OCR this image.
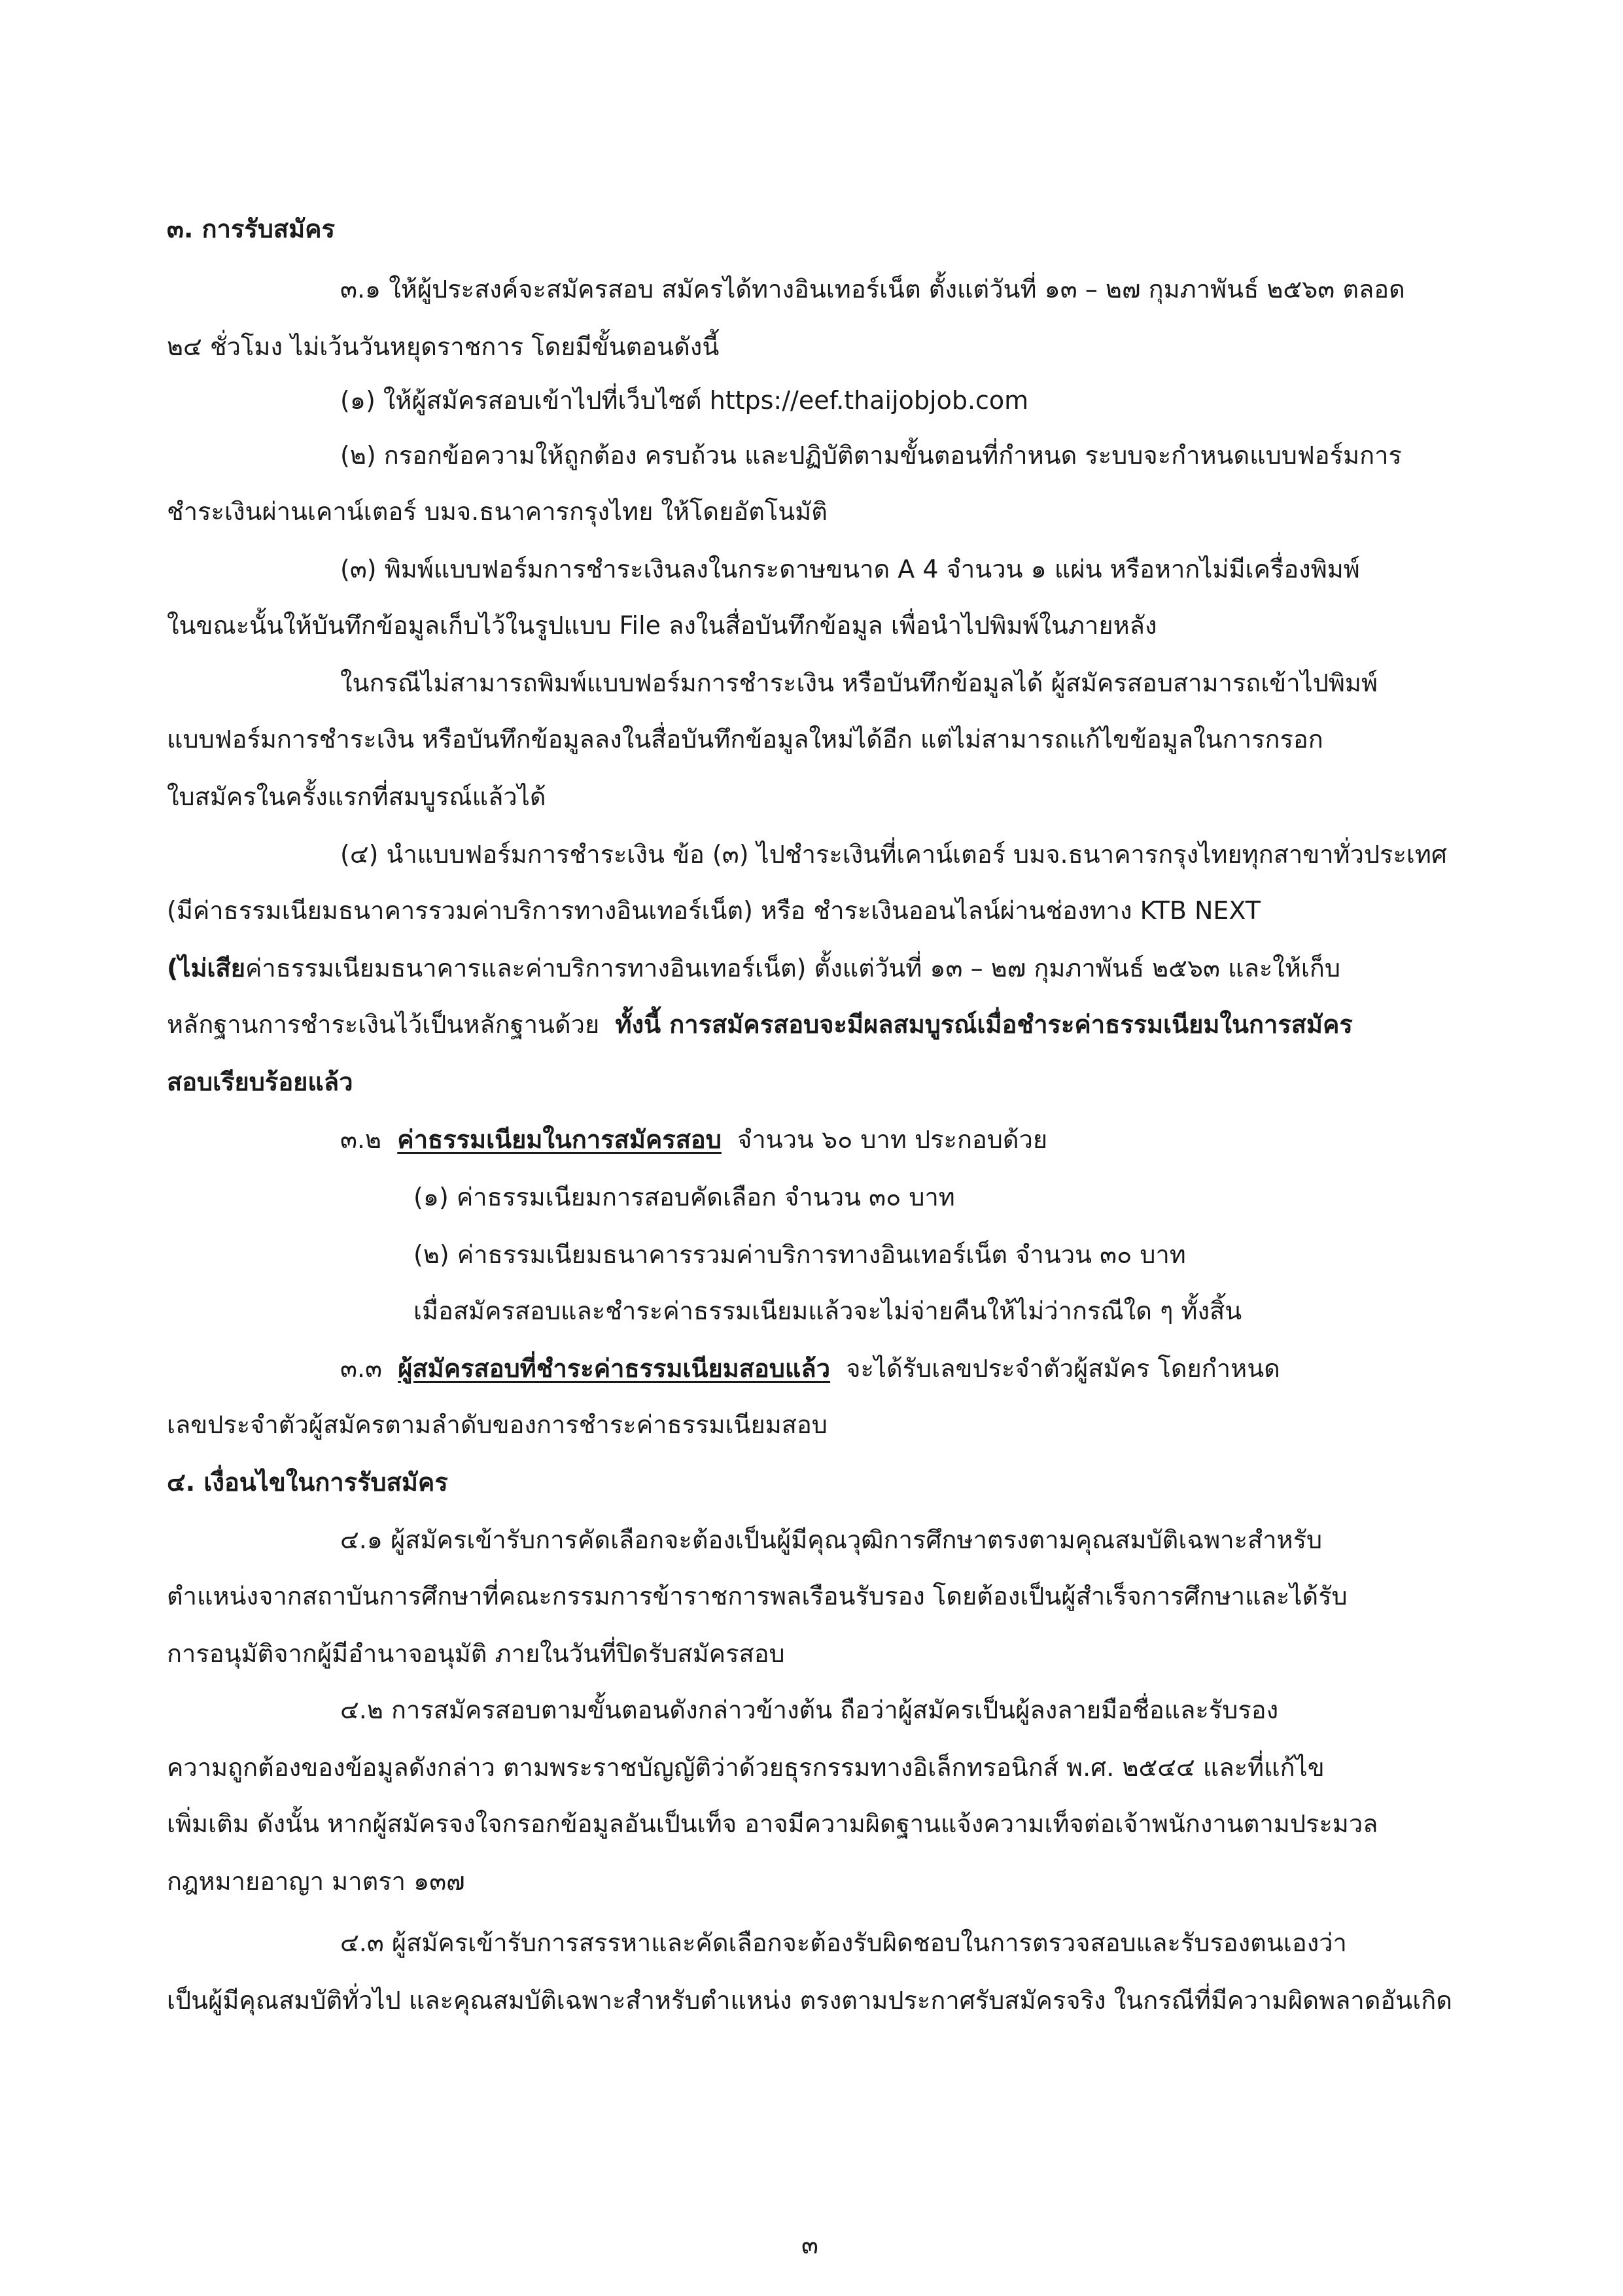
๓. การรับสมัคร
๓.๑ ให้ผู้ประสงค์จะสมัครสอบ สมัครได้ทางอินเทอร์เน็ต ตั้งแต่วันที่ ๑๓ – ๒๗ กุมภาพันธ์ ๒๕๖๓ ตลอด
๒๔ ชั่วโมง ไม่เว้นวันหยุดราชการ โดยมีขั้นตอนดังนี้
(๑) ให้ผู้สมัครสอบเข้าไปที่เว็บไซต์ https://eef.thaijobjob.com
(๒) กรอกข้อความให้ถูกต้อง ครบถ้วน และปฏิบัติตามขั้นตอนที่กำหนด ระบบจะกำหนดแบบฟอร์มการ
ชำระเงินผ่านเคาน์เตอร์ บมจ.ธนาคารกรุงไทย ให้โดยอัตโนมัติ
(๓) พิมพ์แบบฟอร์มการชำระเงินลงในกระดาษขนาด A 4 จำนวน ๑ แผ่น หรือหากไม่มีเครื่องพิมพ์
ในขณะนั้นให้บันทึกข้อมูลเก็บไว้ในรูปแบบ File ลงในสื่อบันทึกข้อมูล เพื่อนำไปพิมพ์ในภายหลัง
ในกรณีไม่สามารถพิมพ์แบบฟอร์มการชำระเงิน หรือบันทึกข้อมูลได้ ผู้สมัครสอบสามารถเข้าไปพิมพ์
แบบฟอร์มการชำระเงิน หรือบันทึกข้อมูลลงในสื่อบันทึกข้อมูลใหม่ได้อีก แต่ไม่สามารถแก้ไขข้อมูลในการกรอก
ใบสมัครในครั้งแรกที่สมบูรณ์แล้วได้
(๔) นำแบบฟอร์มการชำระเงิน ข้อ (๓) ไปชำระเงินที่เคาน์เตอร์ บมจ.ธนาคารกรุงไทยทุกสาขาทั่วประเทศ
(มีค่าธรรมเนียมธนาคารรวมค่าบริการทางอินเทอร์เน็ต) หรือ ชำระเงินออนไลน์ผ่านช่องทาง KTB NEXT
(ไม่เสียค่าธรรมเนียมธนาคารและค่าบริการทางอินเทอร์เน็ต) ตั้งแต่วันที่ ๑๓ – ๒๗ กุมภาพันธ์ ๒๕๖๓ และให้เก็บ
หลักฐานการชำระเงินไว้เป็นหลักฐานด้วย ทั้งนี้ การสมัครสอบจะมีผลสมบูรณ์เมื่อชำระค่าธรรมเนียมในการสมัคร
สอบเรียบร้อยแล้ว
๓.๒ ค่าธรรมเนียมในการสมัครสอบ จำนวน ๖๐ บาท ประกอบด้วย
(๑) ค่าธรรมเนียมการสอบคัดเลือก จำนวน ๓๐ บาท
(๒) ค่าธรรมเนียมธนาคารรวมค่าบริการทางอินเทอร์เน็ต จำนวน ๓๐ บาท
เมื่อสมัครสอบและชำระค่าธรรมเนียมแล้วจะไม่จ่ายคืนให้ไม่ว่ากรณีใด ๆ ทั้งสิ้น
๓.๓ ผู้สมัครสอบที่ชำระค่าธรรมเนียมสอบแล้ว จะได้รับเลขประจำตัวผู้สมัคร โดยกำหนด
เลขประจำตัวผู้สมัครตามลำดับของการชำระค่าธรรมเนียมสอบ
๔. เงื่อนไขในการรับสมัคร
๔.๑ ผู้สมัครเข้ารับการคัดเลือกจะต้องเป็นผู้มีคุณวุฒิการศึกษาตรงตามคุณสมบัติเฉพาะสำหรับ
ตำแหน่งจากสถาบันการศึกษาที่คณะกรรมการข้าราชการพลเรือนรับรอง โดยต้องเป็นผู้สำเร็จการศึกษาและได้รับ
การอนุมัติจากผู้มีอำนาจอนุมัติ ภายในวันที่ปิดรับสมัครสอบ
๔.๒ การสมัครสอบตามขั้นตอนดังกล่าวข้างต้น ถือว่าผู้สมัครเป็นผู้ลงลายมือชื่อและรับรอง
ความถูกต้องของข้อมูลดังกล่าว ตามพระราชบัญญัติว่าด้วยธุรกรรมทางอิเล็กทรอนิกส์ พ.ศ. ๒๕๔๔ และที่แก้ไข
เพิ่มเติม ดังนั้น หากผู้สมัครจงใจกรอกข้อมูลอันเป็นเท็จ อาจมีความผิดฐานแจ้งความเท็จต่อเจ้าพนักงานตามประมวล
กฎหมายอาญา มาตรา ๑๓๗
๔.๓ ผู้สมัครเข้ารับการสรรหาและคัดเลือกจะต้องรับผิดชอบในการตรวจสอบและรับรองตนเองว่า
เป็นผู้มีคุณสมบัติทั่วไป และคุณสมบัติเฉพาะสำหรับตำแหน่ง ตรงตามประกาศรับสมัครจริง ในกรณีที่มีความผิดพลาดอันเกิด
๓
